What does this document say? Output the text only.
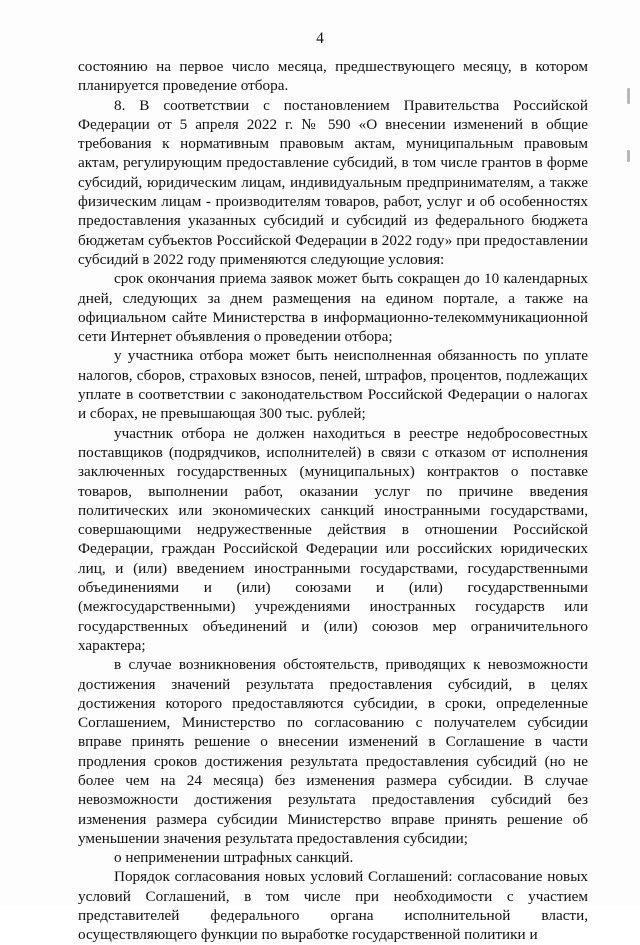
4

состоянию на первое число месяца, предшествующего месяцу, в котором планируется проведение отбора.

8. В соответствии с постановлением Правительства Российской Федерации от 5 апреля 2022 г. № 590 «О внесении изменений в общие требования к нормативным правовым актам, муниципальным правовым актам, регулирующим предоставление субсидий, в том числе грантов в форме субсидий, юридическим лицам, индивидуальным предпринимателям, а также физическим лицам - производителям товаров, работ, услуг и об особенностях предоставления указанных субсидий и субсидий из федерального бюджета бюджетам субъектов Российской Федерации в 2022 году» при предоставлении субсидий в 2022 году применяются следующие условия:

срок окончания приема заявок может быть сокращен до 10 календарных дней, следующих за днем размещения на едином портале, а также на официальном сайте Министерства в информационно-телекоммуникационной сети Интернет объявления о проведении отбора;

у участника отбора может быть неисполненная обязанность по уплате налогов, сборов, страховых взносов, пеней, штрафов, процентов, подлежащих уплате в соответствии с законодательством Российской Федерации о налогах и сборах, не превышающая 300 тыс. рублей;

участник отбора не должен находиться в реестре недобросовестных поставщиков (подрядчиков, исполнителей) в связи с отказом от исполнения заключенных государственных (муниципальных) контрактов о поставке товаров, выполнении работ, оказании услуг по причине введения политических или экономических санкций иностранными государствами, совершающими недружественные действия в отношении Российской Федерации, граждан Российской Федерации или российских юридических лиц, и (или) введением иностранными государствами, государственными объединениями и (или) союзами и (или) государственными (межгосударственными) учреждениями иностранных государств или государственных объединений и (или) союзов мер ограничительного характера;

в случае возникновения обстоятельств, приводящих к невозможности достижения значений результата предоставления субсидий, в целях достижения которого предоставляются субсидии, в сроки, определенные Соглашением, Министерство по согласованию с получателем субсидии вправе принять решение о внесении изменений в Соглашение в части продления сроков достижения результата предоставления субсидий (но не более чем на 24 месяца) без изменения размера субсидии. В случае невозможности достижения результата предоставления субсидий без изменения размера субсидии Министерство вправе принять решение об уменьшении значения результата предоставления субсидии;

о неприменении штрафных санкций.

Порядок согласования новых условий Соглашений: согласование новых условий Соглашений, в том числе при необходимости с участием представителей федерального органа исполнительной власти, осуществляющего функции по выработке государственной политики и
